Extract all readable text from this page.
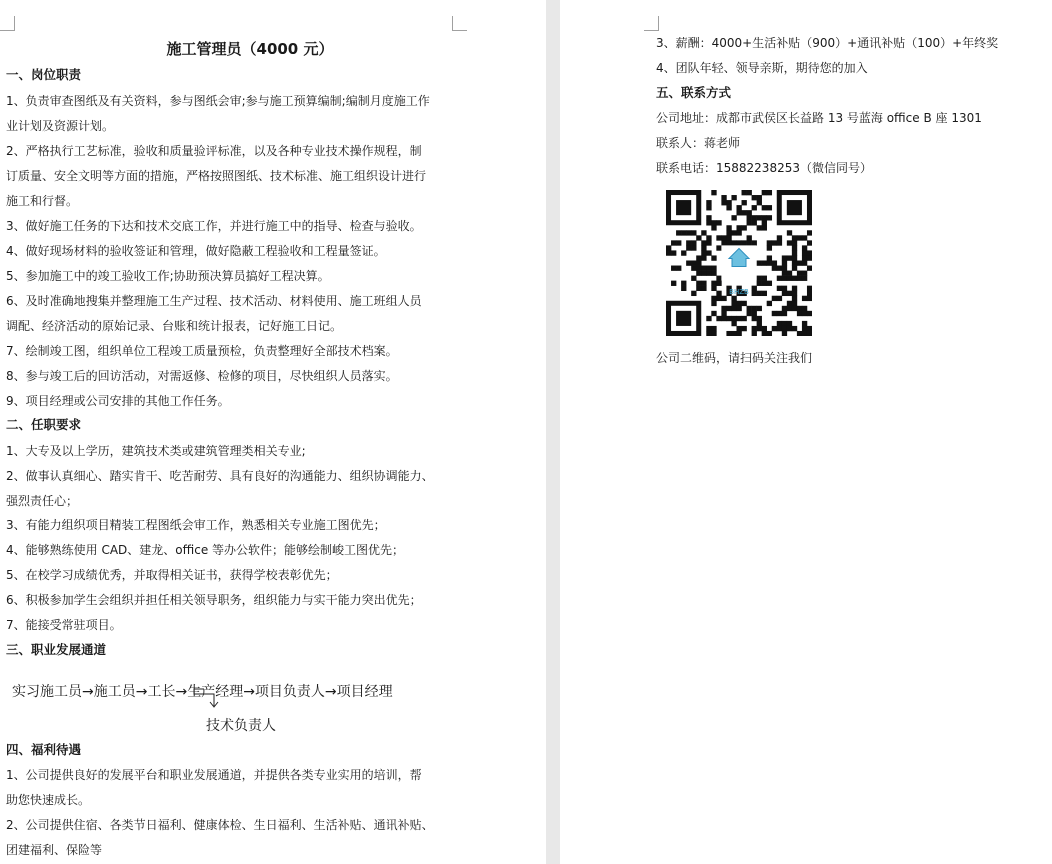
施工管理员（4000 元）
一、岗位职责
1、负责审查图纸及有关资料，参与图纸会审;参与施工预算编制;编制月度施工作
业计划及资源计划。
2、严格执行工艺标准，验收和质量验评标准，以及各种专业技术操作规程，制
订质量、安全文明等方面的措施，严格按照图纸、技术标准、施工组织设计进行
施工和行督。
3、做好施工任务的下达和技术交底工作，并进行施工中的指导、检查与验收。
4、做好现场材料的验收签证和管理，做好隐蔽工程验收和工程量签证。
5、参加施工中的竣工验收工作;协助预决算员搞好工程决算。
6、及时准确地搜集并整理施工生产过程、技术活动、材料使用、施工班组人员
调配、经济活动的原始记录、台账和统计报表，记好施工日记。
7、绘制竣工图，组织单位工程竣工质量预检，负责整理好全部技术档案。
8、参与竣工后的回访活动，对需返修、检修的项目，尽快组织人员落实。
9、项目经理或公司安排的其他工作任务。
二、任职要求
1、大专及以上学历，建筑技术类或建筑管理类相关专业;
2、做事认真细心、踏实肯干、吃苦耐劳、具有良好的沟通能力、组织协调能力、
强烈责任心；
3、有能力组织项目精装工程图纸会审工作，熟悉相关专业施工图优先；
4、能够熟练使用 CAD、建龙、office 等办公软件；能够绘制峻工图优先；
5、在校学习成绩优秀，并取得相关证书，获得学校表彰优先；
6、积极参加学生会组织并担任相关领导职务，组织能力与实干能力突出优先；
7、能接受常驻项目。
三、职业发展通道
四、福利待遇
1、公司提供良好的发展平台和职业发展通道，并提供各类专业实用的培训，帮
助您快速成长。
2、公司提供住宿、各类节日福利、健康体检、生日福利、生活补贴、通讯补贴、
团建福利、保险等
实习施工员→施工员→工长→生产经理→项目负责人→项目经理
技术负责人
3、薪酬：4000+生活补贴（900）+通讯补贴（100）+年终奖
4、团队年轻、领导亲斯，期待您的加入
五、联系方式
公司地址：成都市武侯区长益路 13 号蓝海 office B 座 1301
联系人：蒋老师
联系电话：15882238253（微信同号）
公司二维码，请扫码关注我们
BHZB
